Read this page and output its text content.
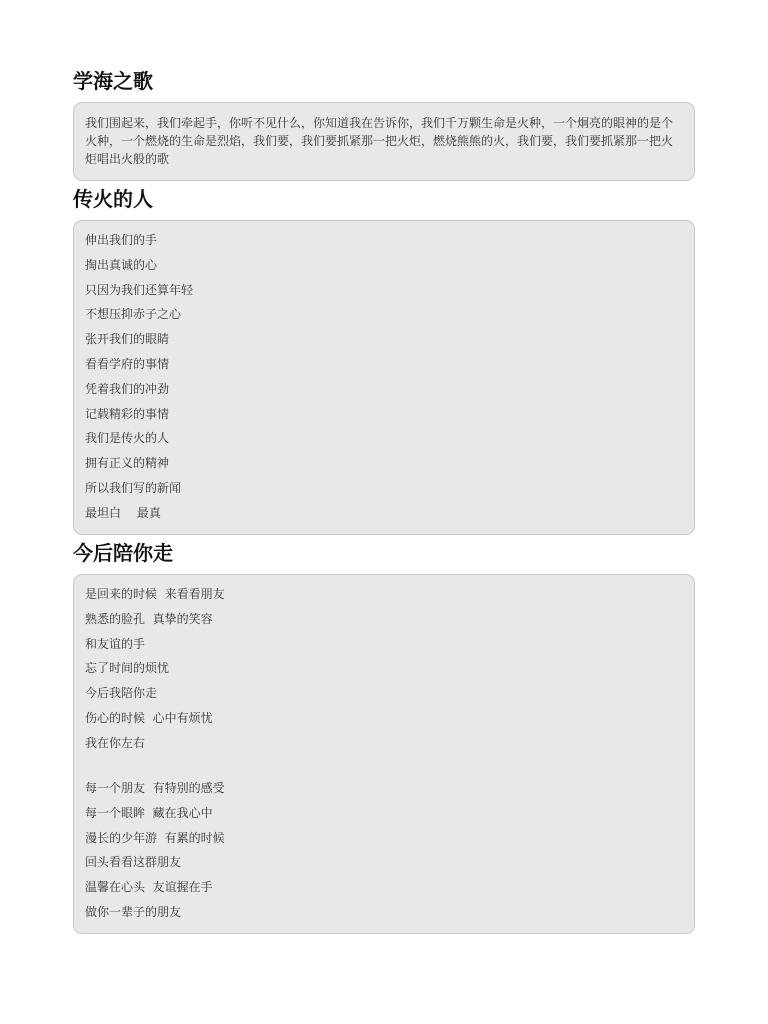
学海之歌

我们围起来，我们牵起手，你听不见什么，你知道我在告诉你，我们千万颗生命是火种，一个炯亮的眼神的是个火种，一个燃烧的生命是烈焰，我们要，我们要抓紧那一把火炬，燃烧熊熊的火，我们要，我们要抓紧那一把火炬唱出火般的歌

传火的人
伸出我们的手
掏出真诚的心
只因为我们还算年轻
不想压抑赤子之心
张开我们的眼睛
看看学府的事情
凭着我们的冲劲
记载精彩的事情
我们是传火的人
拥有正义的精神
所以我们写的新闻
最坦白　 最真
今后陪你走
是回来的时候  来看看朋友
熟悉的脸孔  真挚的笑容
和友谊的手
忘了时间的烦忧
今后我陪你走
伤心的时候  心中有烦忧
我在你左右
每一个朋友  有特别的感受
每一个眼眸  藏在我心中
漫长的少年游  有累的时候
回头看看这群朋友
温馨在心头  友谊握在手
做你一辈子的朋友
